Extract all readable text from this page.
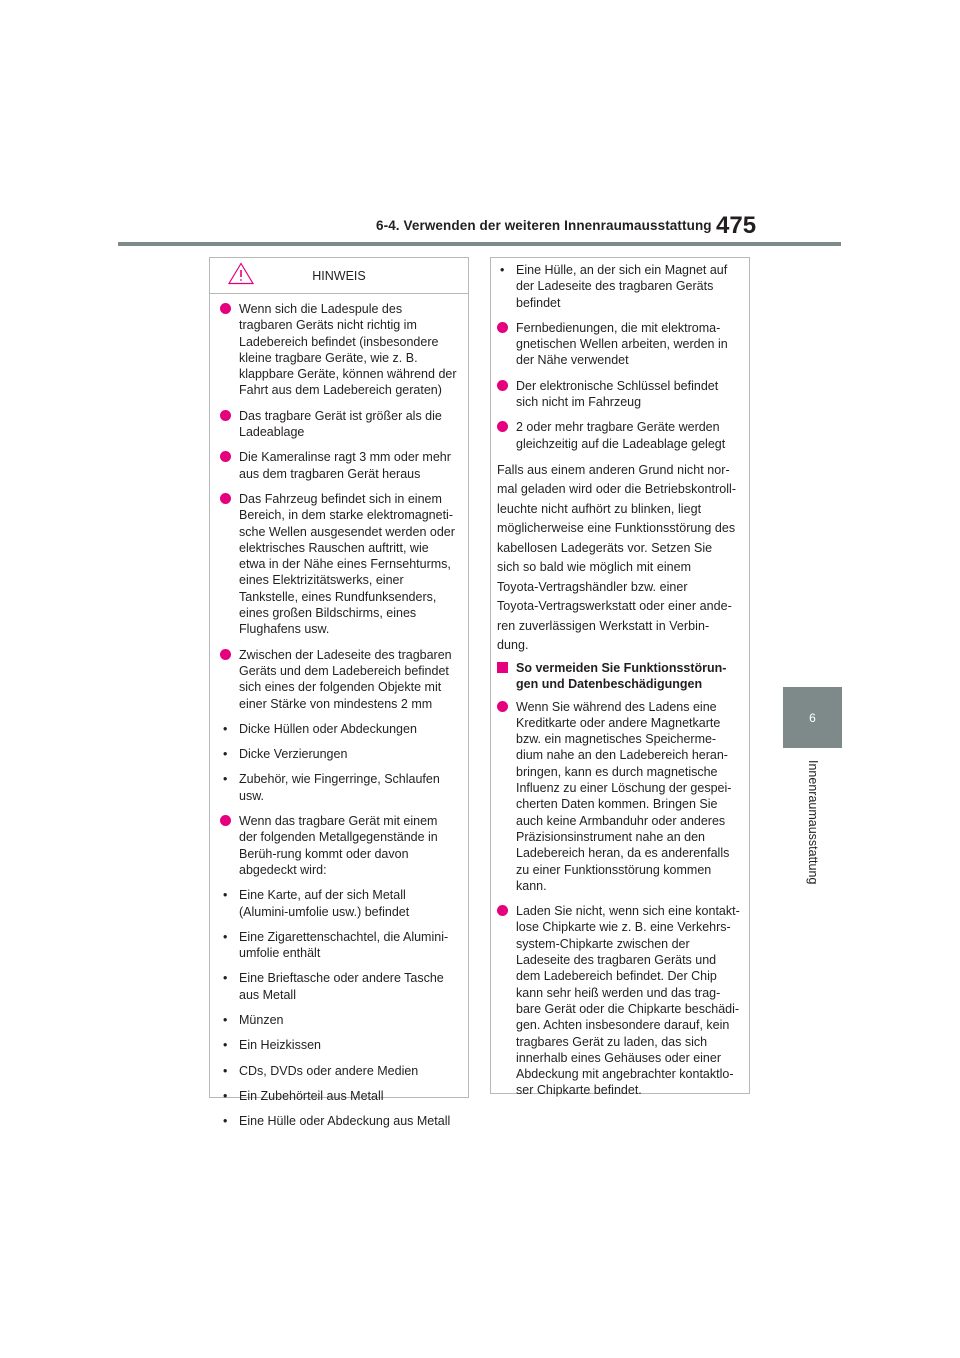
6-4. Verwenden der weiteren Innenraumausstattung 475
6
Innenraumausstattung
HINWEIS
Wenn sich die Ladespule des tragbaren Geräts nicht richtig im Ladebereich befindet (insbesondere kleine tragbare Geräte, wie z. B. klappbare Geräte, können während der Fahrt aus dem Ladebereich geraten)
Das tragbare Gerät ist größer als die Ladeablage
Die Kameralinse ragt 3 mm oder mehr aus dem tragbaren Gerät heraus
Das Fahrzeug befindet sich in einem Bereich, in dem starke elektromagneti-sche Wellen ausgesendet werden oder elektrisches Rauschen auftritt, wie etwa in der Nähe eines Fernsehturms, eines Elektrizitätswerks, einer Tankstelle, eines Rundfunksenders, eines großen Bildschirms, eines Flughafens usw.
Zwischen der Ladeseite des tragbaren Geräts und dem Ladebereich befindet sich eines der folgenden Objekte mit einer Stärke von mindestens 2 mm
• Dicke Hüllen oder Abdeckungen
• Dicke Verzierungen
• Zubehör, wie Fingerringe, Schlaufen usw.
Wenn das tragbare Gerät mit einem der folgenden Metallgegenstände in Berüh-rung kommt oder davon abgedeckt wird:
• Eine Karte, auf der sich Metall (Alumini-umfolie usw.) befindet
• Eine Zigarettenschachtel, die Alumini-umfolie enthält
• Eine Brieftasche oder andere Tasche aus Metall
• Münzen
• Ein Heizkissen
• CDs, DVDs oder andere Medien
• Ein Zubehörteil aus Metall
• Eine Hülle oder Abdeckung aus Metall
• Eine Hülle, an der sich ein Magnet auf der Ladeseite des tragbaren Geräts befindet
Fernbedienungen, die mit elektroma-gnetischen Wellen arbeiten, werden in der Nähe verwendet
Der elektronische Schlüssel befindet sich nicht im Fahrzeug
2 oder mehr tragbare Geräte werden gleichzeitig auf die Ladeablage gelegt
Falls aus einem anderen Grund nicht nor-
mal geladen wird oder die Betriebskontroll-
leuchte nicht aufhört zu blinken, liegt
möglicherweise eine Funktionsstörung des
kabellosen Ladegeräts vor. Setzen Sie
sich so bald wie möglich mit einem
Toyota-Vertragshändler bzw. einer
Toyota-Vertragswerkstatt oder einer ande-
ren zuverlässigen Werkstatt in Verbin-
dung.
So vermeiden Sie Funktionsstörun-gen und Datenbeschädigungen
Wenn Sie während des Ladens eine Kreditkarte oder andere Magnetkarte bzw. ein magnetisches Speicherme-dium nahe an den Ladebereich heran-bringen, kann es durch magnetische Influenz zu einer Löschung der gespei-cherten Daten kommen. Bringen Sie auch keine Armbanduhr oder anderes Präzisionsinstrument nahe an den Ladebereich heran, da es anderenfalls zu einer Funktionsstörung kommen kann.
Laden Sie nicht, wenn sich eine kontakt-lose Chipkarte wie z. B. eine Verkehrs-system-Chipkarte zwischen der Ladeseite des tragbaren Geräts und dem Ladebereich befindet. Der Chip kann sehr heiß werden und das trag-bare Gerät oder die Chipkarte beschädi-gen. Achten insbesondere darauf, kein tragbares Gerät zu laden, das sich innerhalb eines Gehäuses oder einer Abdeckung mit angebrachter kontaktlo-ser Chipkarte befindet.
